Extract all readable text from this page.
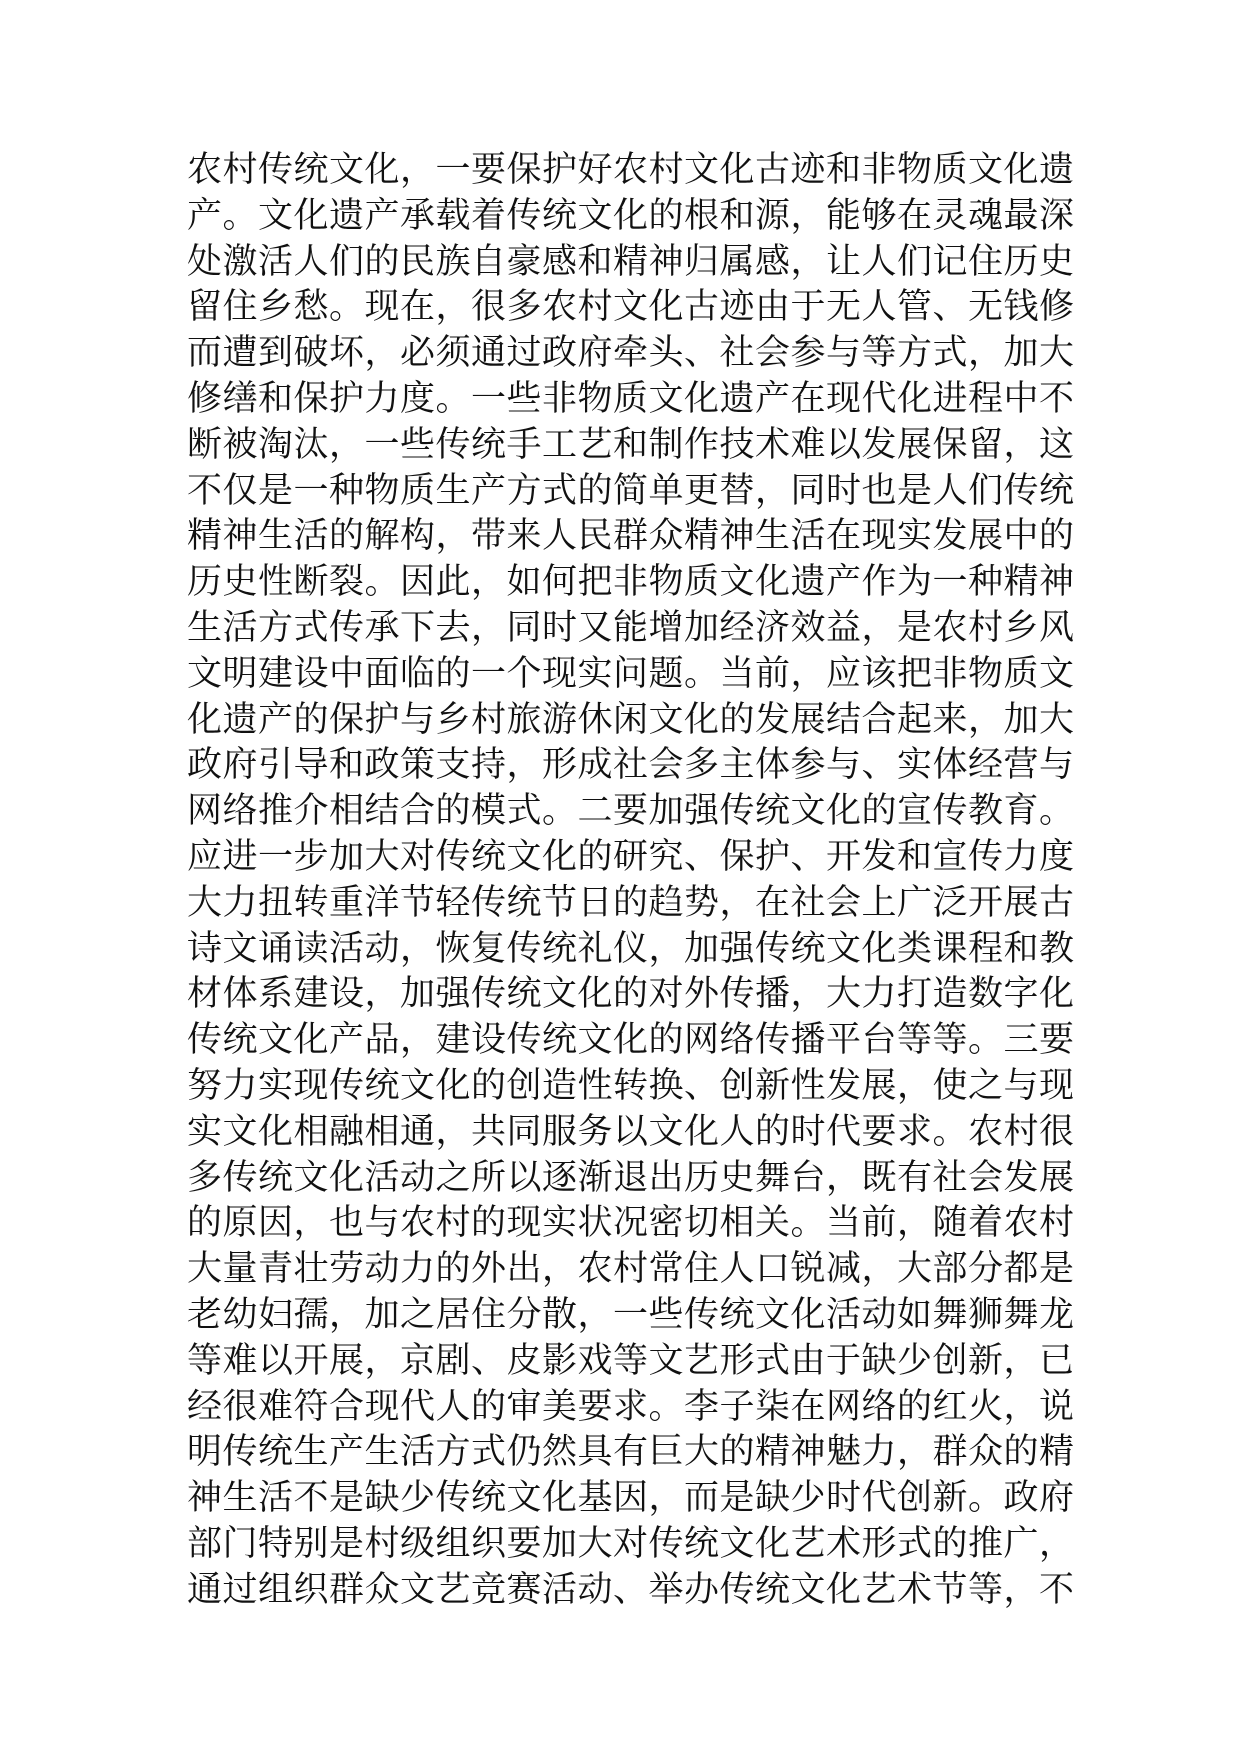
农村传统文化，一要保护好农村文化古迹和非物质文化遗
产。文化遗产承载着传统文化的根和源，能够在灵魂最深
处激活人们的民族自豪感和精神归属感，让人们记住历史
留住乡愁。现在，很多农村文化古迹由于无人管、无钱修
而遭到破坏，必须通过政府牵头、社会参与等方式，加大
修缮和保护力度。一些非物质文化遗产在现代化进程中不
断被淘汰，一些传统手工艺和制作技术难以发展保留，这
不仅是一种物质生产方式的简单更替，同时也是人们传统
精神生活的解构，带来人民群众精神生活在现实发展中的
历史性断裂。因此，如何把非物质文化遗产作为一种精神
生活方式传承下去，同时又能增加经济效益，是农村乡风
文明建设中面临的一个现实问题。当前，应该把非物质文
化遗产的保护与乡村旅游休闲文化的发展结合起来，加大
政府引导和政策支持，形成社会多主体参与、实体经营与
网络推介相结合的模式。二要加强传统文化的宣传教育。
应进一步加大对传统文化的研究、保护、开发和宣传力度
大力扭转重洋节轻传统节日的趋势，在社会上广泛开展古
诗文诵读活动，恢复传统礼仪，加强传统文化类课程和教
材体系建设，加强传统文化的对外传播，大力打造数字化
传统文化产品，建设传统文化的网络传播平台等等。三要
努力实现传统文化的创造性转换、创新性发展，使之与现
实文化相融相通，共同服务以文化人的时代要求。农村很
多传统文化活动之所以逐渐退出历史舞台，既有社会发展
的原因，也与农村的现实状况密切相关。当前，随着农村
大量青壮劳动力的外出，农村常住人口锐减，大部分都是
老幼妇孺，加之居住分散，一些传统文化活动如舞狮舞龙
等难以开展，京剧、皮影戏等文艺形式由于缺少创新，已
经很难符合现代人的审美要求。李子柒在网络的红火，说
明传统生产生活方式仍然具有巨大的精神魅力，群众的精
神生活不是缺少传统文化基因，而是缺少时代创新。政府
部门特别是村级组织要加大对传统文化艺术形式的推广，
通过组织群众文艺竞赛活动、举办传统文化艺术节等，不
